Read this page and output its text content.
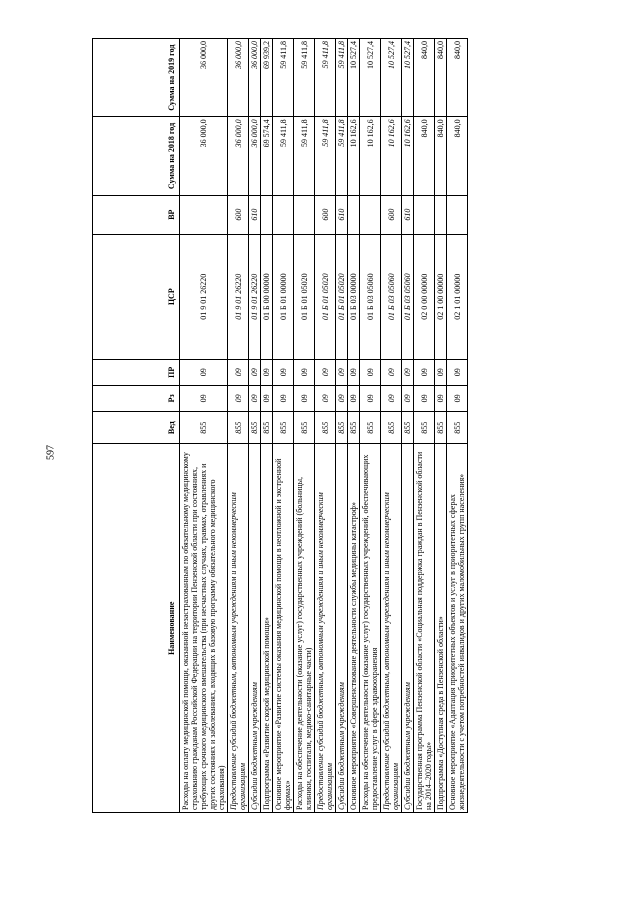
597
Наименование	Вед	Рз	ПР	ЦСР	ВР	Сумма на 2018 год	Сумма на 2019 год
Расходы на оплату медицинской помощи, оказанной незастрахованным по обязательному медицинскому страхованию гражданам Российской Федерации на территории Пензенской области при состояниях, требующих срочного медицинского вмешательства (при несчастных случаях, травмах, отравлениях и других состояниях и заболеваниях, входящих в базовую программу обязательного медицинского страхования)	855	09	09	01 9 01 26220		36 000,0	36 000,0
Предоставление субсидий бюджетным, автономным учреждениям и иным некоммерческим организациям	855	09	09	01 9 01 26220	600	36 000,0	36 000,0
Субсидии бюджетным учреждениям	855	09	09	01 9 01 26220	610	36 000,0	36 000,0
Подпрограмма «Развитие скорой медицинской помощи»	855	09	09	01 Б 00 00000		69 574,4	69 939,2
Основное мероприятие «Развитие системы оказания медицинской помощи в неотложной и экстренной формах»	855	09	09	01 Б 01 00000		59 411,8	59 411,8
Расходы на обеспечение деятельности (оказание услуг) государственных учреждений (больницы, клиники, госпитали, медико-санитарные части)	855	09	09	01 Б 01 05020		59 411,8	59 411,8
Предоставление субсидий бюджетным, автономным учреждениям и иным некоммерческим организациям	855	09	09	01 Б 01 05020	600	59 411,8	59 411,8
Субсидии бюджетным учреждениям	855	09	09	01 Б 01 05020	610	59 411,8	59 411,8
Основное мероприятие «Совершенствование деятельности службы медицины катастроф»	855	09	09	01 Б 03 00000		10 162,6	10 527,4
Расходы на обеспечение деятельности (оказание услуг) государственных учреждений, обеспечивающих предоставление услуг в сфере здравоохранения	855	09	09	01 Б 03 05060		10 162,6	10 527,4
Предоставление субсидий бюджетным, автономным учреждениям и иным некоммерческим организациям	855	09	09	01 Б 03 05060	600	10 162,6	10 527,4
Субсидии бюджетным учреждениям	855	09	09	01 Б 03 05060	610	10 162,6	10 527,4
Государственная программа Пензенской области «Социальная поддержка граждан в Пензенской области на 2014–2020 годы»	855	09	09	02 0 00 00000		840,0	840,0
Подпрограмма «Доступная среда в Пензенской области»	855	09	09	02 1 00 00000		840,0	840,0
Основное мероприятие «Адаптация приоритетных объектов и услуг в приоритетных сферах жизнедеятельности с учетом потребностей инвалидов и других маломобильных групп населения»	855	09	09	02 1 01 00000		840,0	840,0
